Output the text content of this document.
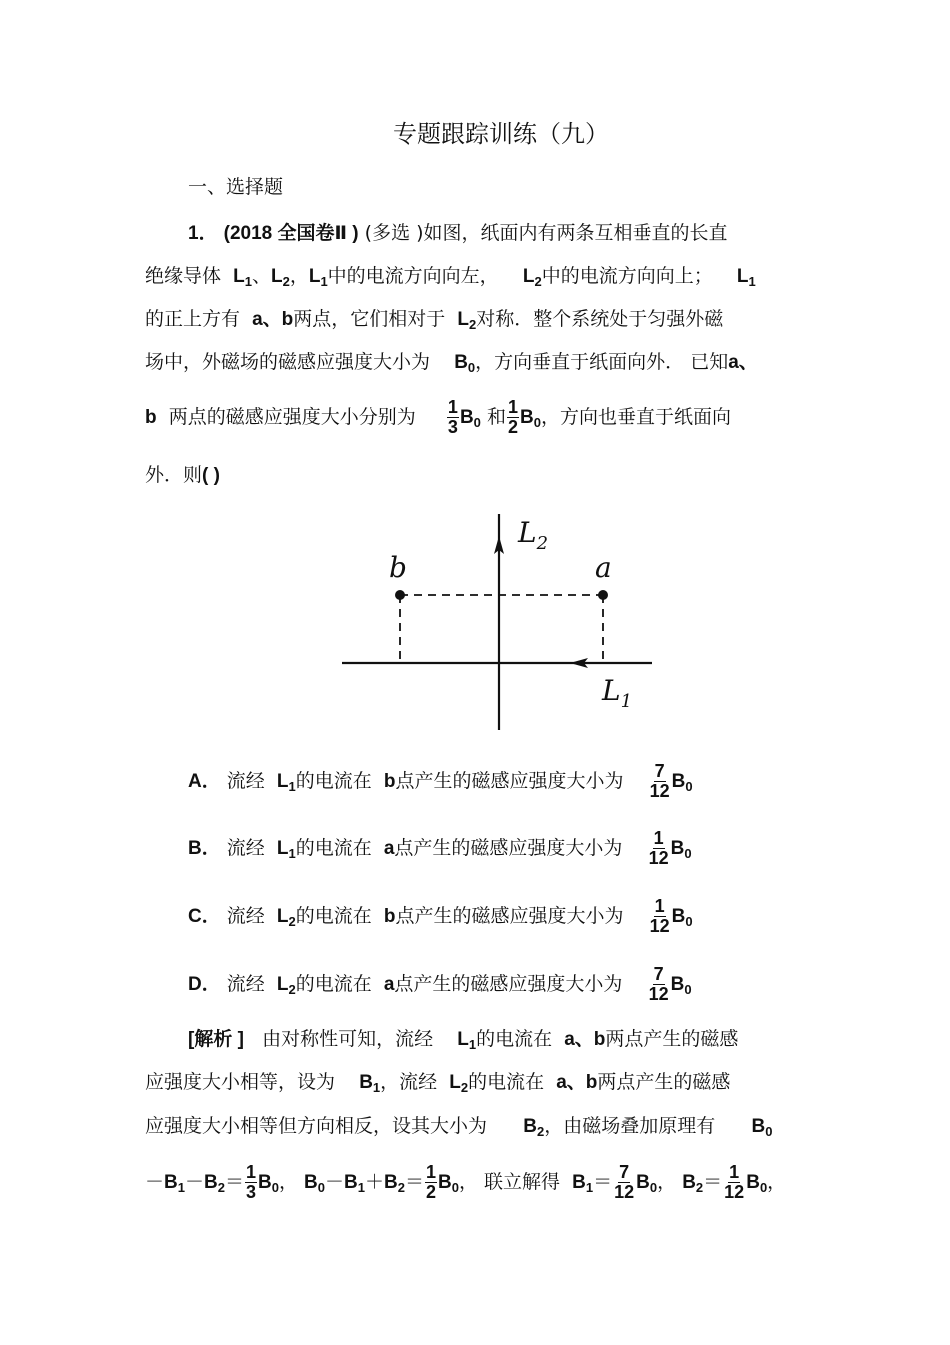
专题跟踪训练（九）
一、选择题
1． (2018 全国卷Ⅱ ) (多选 )如图，纸面内有两条互相垂直的长直
绝缘导体 $L_1$、$L_2$，$L_1$中的电流方向向左， $L_2$中的电流方向向上； $L_1$
的正上方有 a、b两点，它们相对于 $L_2$对称．整个系统处于匀强外磁
场中，外磁场的磁感应强度大小为 $B_0$，方向垂直于纸面向外． 已知a、
b 两点的磁感应强度大小分别为 $\frac{1}{3} B_0$ 和 $\frac{1}{2} B_0$，方向也垂直于纸面向
外．则( )
b	a
$L_2$
$L_1$
A． 流经 $L_1$的电流在 b点产生的磁感应强度大小为 $\frac{7}{12} B_0$
B． 流经 $L_1$的电流在 a点产生的磁感应强度大小为 $\frac{1}{12} B_0$
C． 流经 $L_2$的电流在 b点产生的磁感应强度大小为 $\frac{1}{12} B_0$
D． 流经 $L_2$的电流在 a点产生的磁感应强度大小为 $\frac{7}{12} B_0$
[解析 ] 由对称性可知，流经 $L_1$的电流在 a、b两点产生的磁感
应强度大小相等，设为 $B_1$，流经 $L_2$的电流在 a、b两点产生的磁感
应强度大小相等但方向相反，设其大小为 $B_2$，由磁场叠加原理有 $B_0$
$-B_1-B_2= \frac{1}{3} B_0$， $B_0-B_1+B_2= \frac{1}{2} B_0$， 联立解得 $B_1= \frac{7}{12} B_0$， $B_2= \frac{1}{12} B_0$，
